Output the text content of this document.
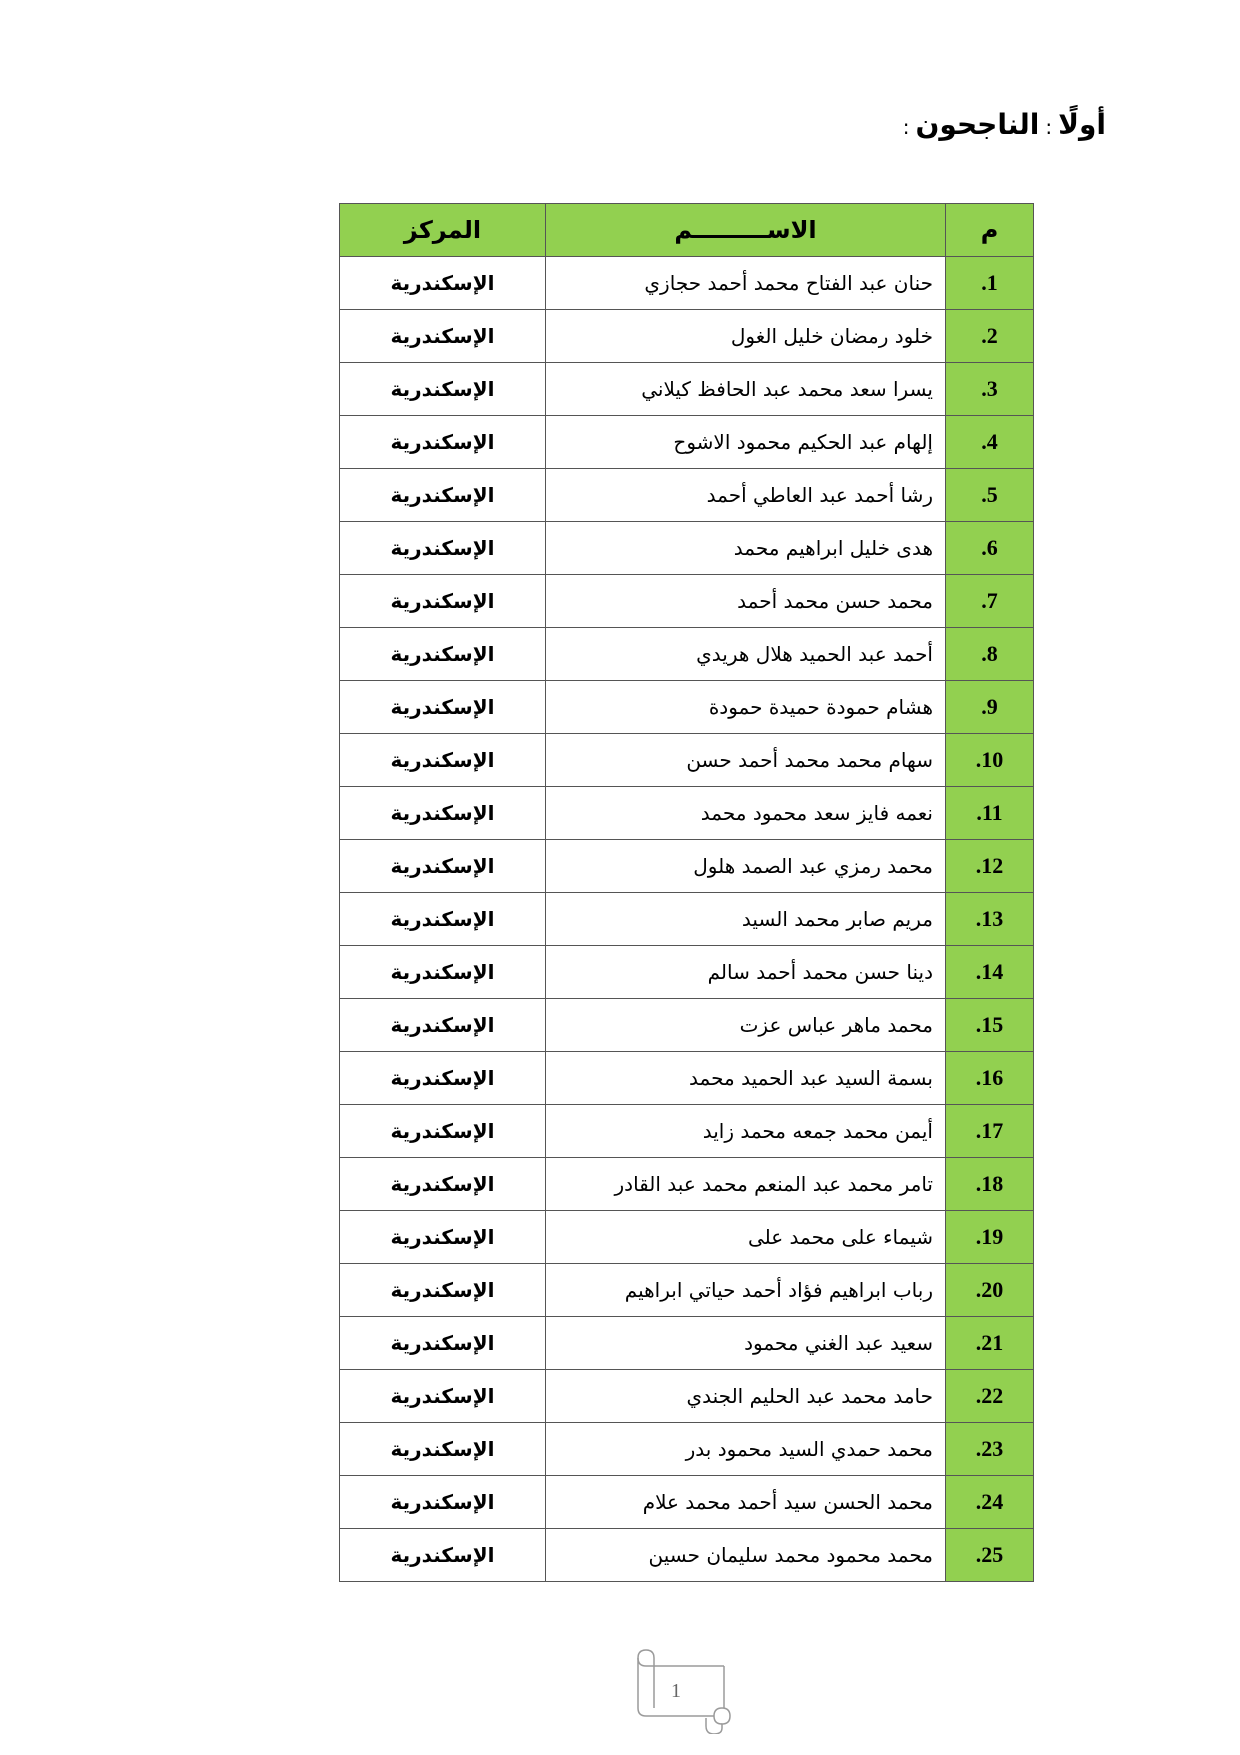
أولًا:الناجحون:
م	الاســـــــــم	المركز
1.	حنان عبد الفتاح محمد أحمد حجازي	الإسكندرية
2.	خلود رمضان خليل الغول	الإسكندرية
3.	يسرا سعد محمد عبد الحافظ كيلاني	الإسكندرية
4.	إلهام عبد الحكيم محمود الاشوح	الإسكندرية
5.	رشا أحمد عبد العاطي أحمد	الإسكندرية
6.	هدى خليل ابراهيم محمد	الإسكندرية
7.	محمد حسن محمد أحمد	الإسكندرية
8.	أحمد عبد الحميد هلال هريدي	الإسكندرية
9.	هشام حمودة حميدة حمودة	الإسكندرية
10.	سهام محمد محمد أحمد حسن	الإسكندرية
11.	نعمه فايز سعد محمود محمد	الإسكندرية
12.	محمد رمزي عبد الصمد هلول	الإسكندرية
13.	مريم صابر محمد السيد	الإسكندرية
14.	دينا حسن محمد أحمد سالم	الإسكندرية
15.	محمد ماهر عباس عزت	الإسكندرية
16.	بسمة السيد عبد الحميد محمد	الإسكندرية
17.	أيمن محمد جمعه محمد زايد	الإسكندرية
18.	تامر محمد عبد المنعم محمد عبد القادر	الإسكندرية
19.	شيماء على محمد على	الإسكندرية
20.	رباب ابراهيم فؤاد أحمد حياتي ابراهيم	الإسكندرية
21.	سعيد عبد الغني محمود	الإسكندرية
22.	حامد محمد عبد الحليم الجندي	الإسكندرية
23.	محمد حمدي السيد محمود بدر	الإسكندرية
24.	محمد الحسن سيد أحمد محمد علام	الإسكندرية
25.	محمد محمود محمد سليمان حسين	الإسكندرية
1
